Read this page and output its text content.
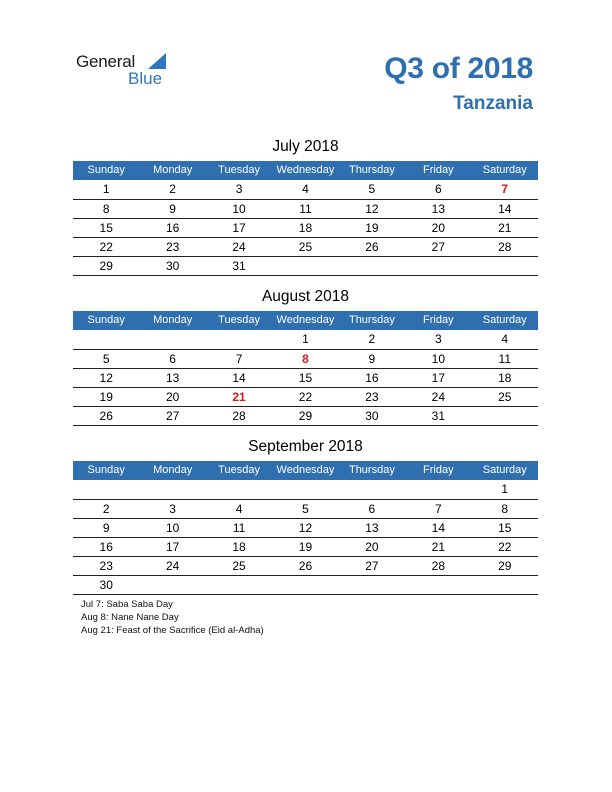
General
Blue	Q3 of 2018
Tanzania
July 2018
Sunday	Monday	Tuesday	Wednesday	Thursday	Friday	Saturday
1	2	3	4	5	6	7
8	9	10	11	12	13	14
15	16	17	18	19	20	21
22	23	24	25	26	27	28
29	30	31				
August 2018
Sunday	Monday	Tuesday	Wednesday	Thursday	Friday	Saturday
			1	2	3	4
5	6	7	8	9	10	11
12	13	14	15	16	17	18
19	20	21	22	23	24	25
26	27	28	29	30	31	
September 2018
Sunday	Monday	Tuesday	Wednesday	Thursday	Friday	Saturday
						1
2	3	4	5	6	7	8
9	10	11	12	13	14	15
16	17	18	19	20	21	22
23	24	25	26	27	28	29
30						
Jul 7: Saba Saba Day
Aug 8: Nane Nane Day
Aug 21: Feast of the Sacrifice (Eid al-Adha)
